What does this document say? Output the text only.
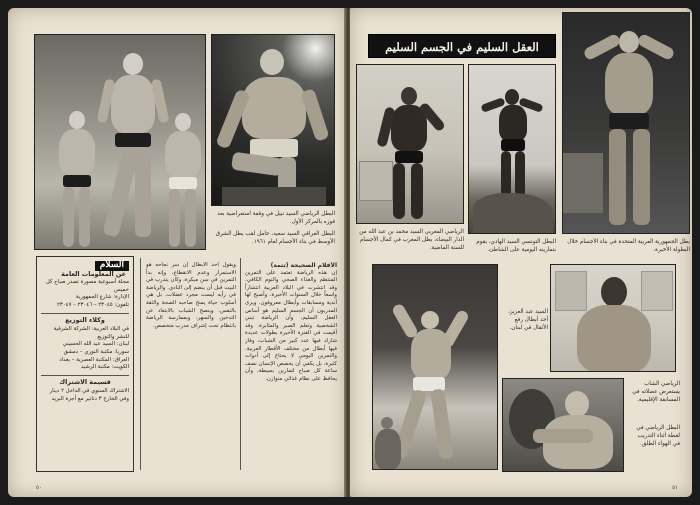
البطل الرياضي السيد نبيل في وقفة استعراضية بعد فوزه بالمركز الأول.
البطل العراقي السيد سعيد، حامل لقب بطل الشرق الأوسط في بناء الأجسام لعام ١٩٦١.
السلام عن المعلومات العامة
مجلة أسبوعية مصورة تصدر صباح كل خميس
الإدارة: شارع الجمهورية
تلفون: ٢٣٠٤٥ – ٢٣٠٤٦ – ٢٣٠٤٧
وكلاء التوزيع
في البلاد العربية: الشركة الشرقية للنشر والتوزيع
لبنان: السيد عبد الله الحسيني
سوريا: مكتبة النوري – دمشق
العراق: المكتبة العصرية – بغداد
الكويت: مكتبة الرشيد
قسيمة الاشتراك
الاشتراك السنوي في الداخل ٢ دينار
وفي الخارج ٣ دنانير مع أجرة البريد
ويقول أحد الأبطال إن سر نجاحه هو الاستمرار وعدم الانقطاع، وإنه بدأ التمرين في سن مبكرة، وكان يتدرب في البيت قبل أن ينضم إلى النادي. والرياضة في رأيه ليست مجرد عضلات، بل هي أسلوب حياة يمنح صاحبه الصحة والثقة بالنفس. وينصح الشباب بالابتعاد عن التدخين والسهر، وبممارسة الرياضة بانتظام تحت إشراف مدرب متخصص.
الأفلام الصحيحة (تتمة)
إن هذه الرياضة تعتمد على التمرين المنتظم والغذاء الصحي والنوم الكافي، وقد انتشرت في البلاد العربية انتشاراً واسعاً خلال السنوات الأخيرة، وأصبح لها أندية ومسابقات وأبطال معروفون. ويرى المدربون أن الجسم السليم هو أساس العقل السليم، وأن الرياضة تبني الشخصية وتعلم الصبر والمثابرة. وقد أقيمت في الفترة الأخيرة بطولات عديدة شارك فيها عدد كبير من الشباب، وفاز فيها أبطال من مختلف الأقطار العربية. والتمرين اليومي لا يحتاج إلى أدوات كثيرة، بل يكفي أن يخصص الإنسان نصف ساعة كل صباح لتمارين بسيطة، وأن يحافظ على نظام غذائي متوازن.
٥٠
العقل السليم في الجسم السليم
الرياضي المغربي السيد محمد بن عبد الله من الدار البيضاء، بطل المغرب في كمال الأجسام للسنة الماضية.
البطل التونسي السيد الهادي، يقوم بتمارينه اليومية على الشاطئ.
بطل الجمهورية العربية المتحدة في بناء الأجسام خلال البطولة الأخيرة.
السيد عبد العزيز، أحد أبطال رفع الأثقال في لبنان.
الرياضي الشاب يستعرض عضلاته في المسابقة الإقليمية.
البطل الرياضي في لقطة أثناء التدريب في الهواء الطلق.
٥١
